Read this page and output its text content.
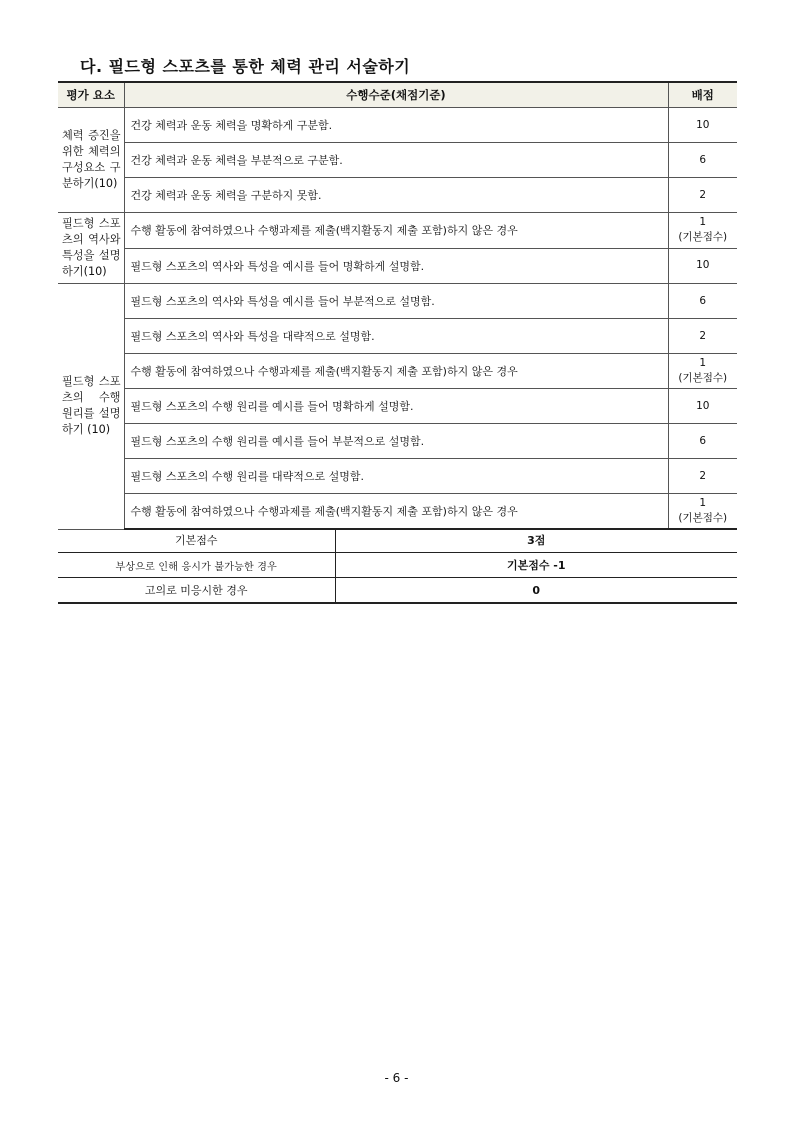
다. 필드형 스포츠를 통한 체력 관리 서술하기
평가 요소	수행수준(채점기준)	배점
체력 증진을 위한 체력의 구성요소 구분하기(10)	건강 체력과 운동 체력을 명확하게 구분함.	10
	건강 체력과 운동 체력을 부분적으로 구분함.	6
	건강 체력과 운동 체력을 구분하지 못함.	2
필드형 스포츠의 역사와 특성을 설명하기(10)	수행 활동에 참여하였으나 수행과제를 제출(백지활동지 제출 포함)하지 않은 경우	1
(기본점수)
	필드형 스포츠의 역사와 특성을 예시를 들어 명확하게 설명함.	10
필드형 스포츠의 수행 원리를 설명하기 (10)	필드형 스포츠의 역사와 특성을 예시를 들어 부분적으로 설명함.	6
	필드형 스포츠의 역사와 특성을 대략적으로 설명함.	2
	수행 활동에 참여하였으나 수행과제를 제출(백지활동지 제출 포함)하지 않은 경우	1
(기본점수)
	필드형 스포츠의 수행 원리를 예시를 들어 명확하게 설명함.	10
	필드형 스포츠의 수행 원리를 예시를 들어 부분적으로 설명함.	6
	필드형 스포츠의 수행 원리를 대략적으로 설명함.	2
	수행 활동에 참여하였으나 수행과제를 제출(백지활동지 제출 포함)하지 않은 경우	1
(기본점수)
기본점수	3점
부상으로 인해 응시가 불가능한 경우	기본점수 -1
고의로 미응시한 경우	0
- 6 -
